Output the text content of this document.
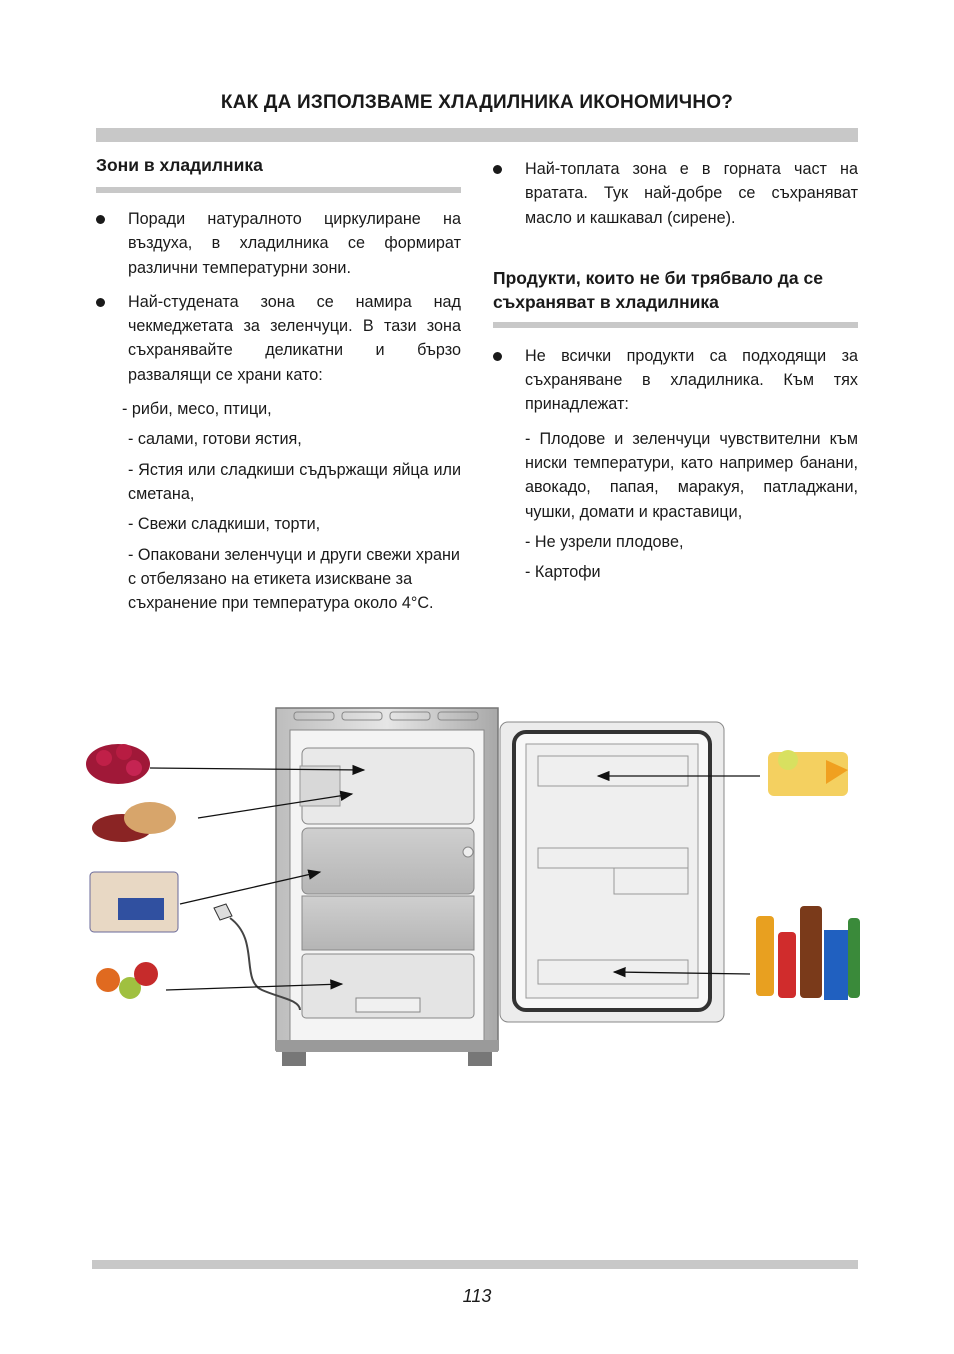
КАК ДА ИЗПОЛЗВАМЕ ХЛАДИЛНИКА ИКОНОМИЧНО?
Зони в хладилника
Поради натуралното циркулиране на въздуха, в хладилника се формират различни температурни зони.
Най-студената зона се намира над чекмеджетата за зеленчуци. В тази зона съхранявайте деликатни и бързо развалящи се храни като:
- риби, месо, птици,
- салами, готови ястия,
- Ястия или сладкиши съдържащи яйца или сметана,
- Свежи сладкиши, торти,
- Опаковани зеленчуци и други свежи храни с отбелязано на етикета изискване за съхранение при температура около 4°C.
Най-топлата зона е в горната част на вратата. Тук най-добре се съхраняват масло и кашкавал (сирене).
Продукти, които не би трябвало да се съхраняват в хладилника
Не всички продукти са подходящи за съхраняване в хладилника. Към тях принадлежат:
- Плодове и зеленчуци чувствителни към ниски температури, като например банани, авокадо, папая, маракуя, патладжани, чушки, домати и краставици,
- Не узрели плодове,
- Картофи
113
